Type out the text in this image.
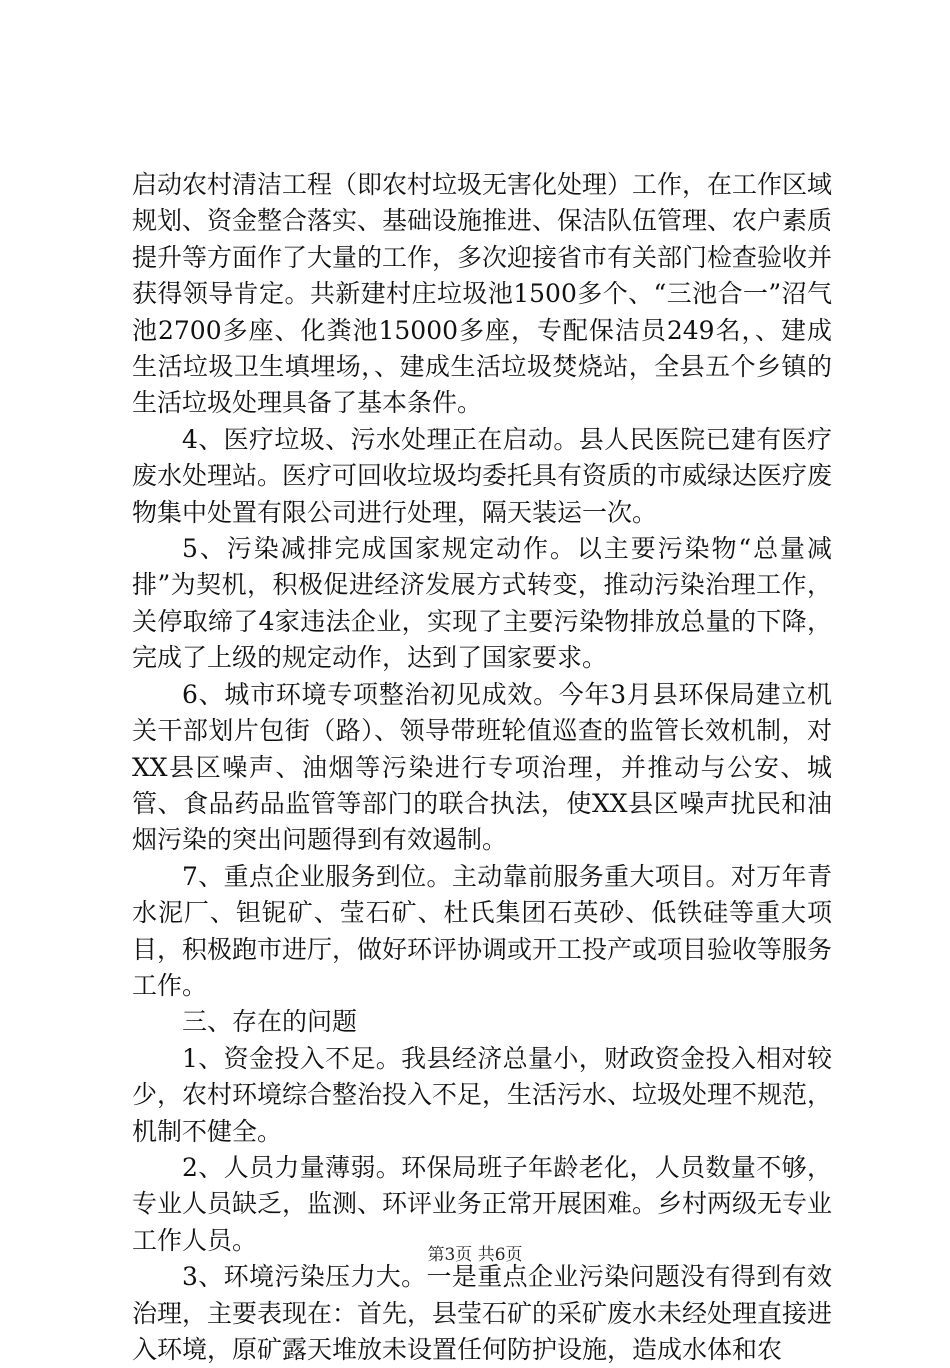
启动农村清洁工程（即农村垃圾无害化处理）工作，在工作区域规划、资金整合落实、基础设施推进、保洁队伍管理、农户素质提升等方面作了大量的工作，多次迎接省市有关部门检查验收并获得领导肯定。共新建村庄垃圾池1500多个、“三池合一”沼气池2700多座、化粪池15000多座，专配保洁员249名，、建成生活垃圾卫生填埋场，、建成生活垃圾焚烧站，全县五个乡镇的生活垃圾处理具备了基本条件。

4、医疗垃圾、污水处理正在启动。县人民医院已建有医疗废水处理站。医疗可回收垃圾均委托具有资质的市威绿达医疗废物集中处置有限公司进行处理，隔天装运一次。

5、污染减排完成国家规定动作。以主要污染物“总量减排”为契机，积极促进经济发展方式转变，推动污染治理工作，关停取缔了4家违法企业，实现了主要污染物排放总量的下降，完成了上级的规定动作，达到了国家要求。

6、城市环境专项整治初见成效。今年3月县环保局建立机关干部划片包街（路）、领导带班轮值巡查的监管长效机制，对XX县区噪声、油烟等污染进行专项治理，并推动与公安、城管、食品药品监管等部门的联合执法，使XX县区噪声扰民和油烟污染的突出问题得到有效遏制。

7、重点企业服务到位。主动靠前服务重大项目。对万年青水泥厂、钽铌矿、莹石矿、杜氏集团石英砂、低铁硅等重大项目，积极跑市进厅，做好环评协调或开工投产或项目验收等服务工作。

三、存在的问题

1、资金投入不足。我县经济总量小，财政资金投入相对较少，农村环境综合整治投入不足，生活污水、垃圾处理不规范，机制不健全。

2、人员力量薄弱。环保局班子年龄老化，人员数量不够，专业人员缺乏，监测、环评业务正常开展困难。乡村两级无专业工作人员。

3、环境污染压力大。一是重点企业污染问题没有得到有效治理，主要表现在：首先，县莹石矿的采矿废水未经处理直接进入环境，原矿露天堆放未设置任何防护设施，造成水体和农

第3页 共6页
